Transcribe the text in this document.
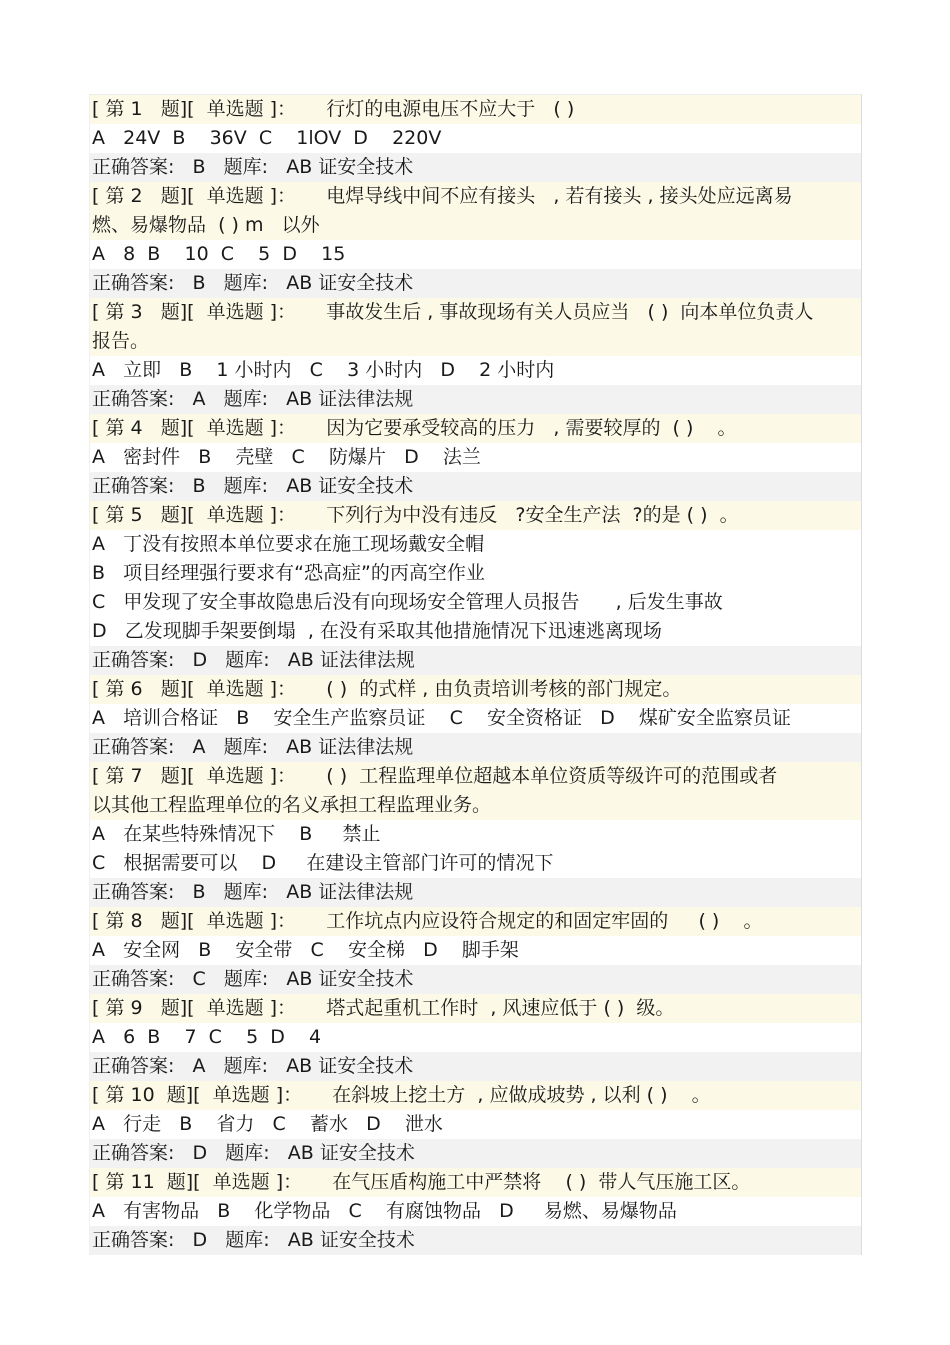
[ 第 1   题][  单选题 ]：     行灯的电源电压不应大于   ( )
A   24V  B    36V  C    1lOV  D    220V
正确答案:   B   题库:   AB 证安全技术
[ 第 2   题][  单选题 ]：     电焊导线中间不应有接头   , 若有接头 , 接头处应远离易
燃、易爆物品  ( ) m   以外
A   8  B    10  C    5  D    15
正确答案:   B   题库:   AB 证安全技术
[ 第 3   题][  单选题 ]：     事故发生后 , 事故现场有关人员应当   ( )  向本单位负责人
报告。
A   立即   B    1 小时内   C    3 小时内   D    2 小时内
正确答案:   A   题库:   AB 证法律法规
[ 第 4   题][  单选题 ]：     因为它要承受较高的压力   , 需要较厚的  ( )    。
A   密封件   B    壳壁   C    防爆片   D    法兰
正确答案:   B   题库:   AB 证安全技术
[ 第 5   题][  单选题 ]：     下列行为中没有违反   ?安全生产法  ?的是 ( )  。
A   丁没有按照本单位要求在施工现场戴安全帽
B   项目经理强行要求有“恐高症”的丙高空作业
C   甲发现了安全事故隐患后没有向现场安全管理人员报告      , 后发生事故
D   乙发现脚手架要倒塌  , 在没有采取其他措施情况下迅速逃离现场
正确答案:   D   题库:   AB 证法律法规
[ 第 6   题][  单选题 ]：     ( )  的式样 , 由负责培训考核的部门规定。
A   培训合格证   B    安全生产监察员证    C    安全资格证   D    煤矿安全监察员证
正确答案:   A   题库:   AB 证法律法规
[ 第 7   题][  单选题 ]：     ( )  工程监理单位超越本单位资质等级许可的范围或者
以其他工程监理单位的名义承担工程监理业务。
A   在某些特殊情况下    B     禁止
C   根据需要可以    D     在建设主管部门许可的情况下
正确答案:   B   题库:   AB 证法律法规
[ 第 8   题][  单选题 ]：     工作坑点内应设符合规定的和固定牢固的     ( )    。
A   安全网   B    安全带   C    安全梯   D    脚手架
正确答案:   C   题库:   AB 证安全技术
[ 第 9   题][  单选题 ]：     塔式起重机工作时  , 风速应低于 ( )  级。
A   6  B    7  C    5  D    4
正确答案:   A   题库:   AB 证安全技术
[ 第 10  题][  单选题 ]：     在斜坡上挖土方  , 应做成坡势 , 以利 ( )    。
A   行走   B    省力   C    蓄水   D    泄水
正确答案:   D   题库:   AB 证安全技术
[ 第 11  题][  单选题 ]：     在气压盾构施工中严禁将    ( )  带人气压施工区。
A   有害物品   B    化学物品   C    有腐蚀物品   D     易燃、易爆物品
正确答案:   D   题库:   AB 证安全技术
